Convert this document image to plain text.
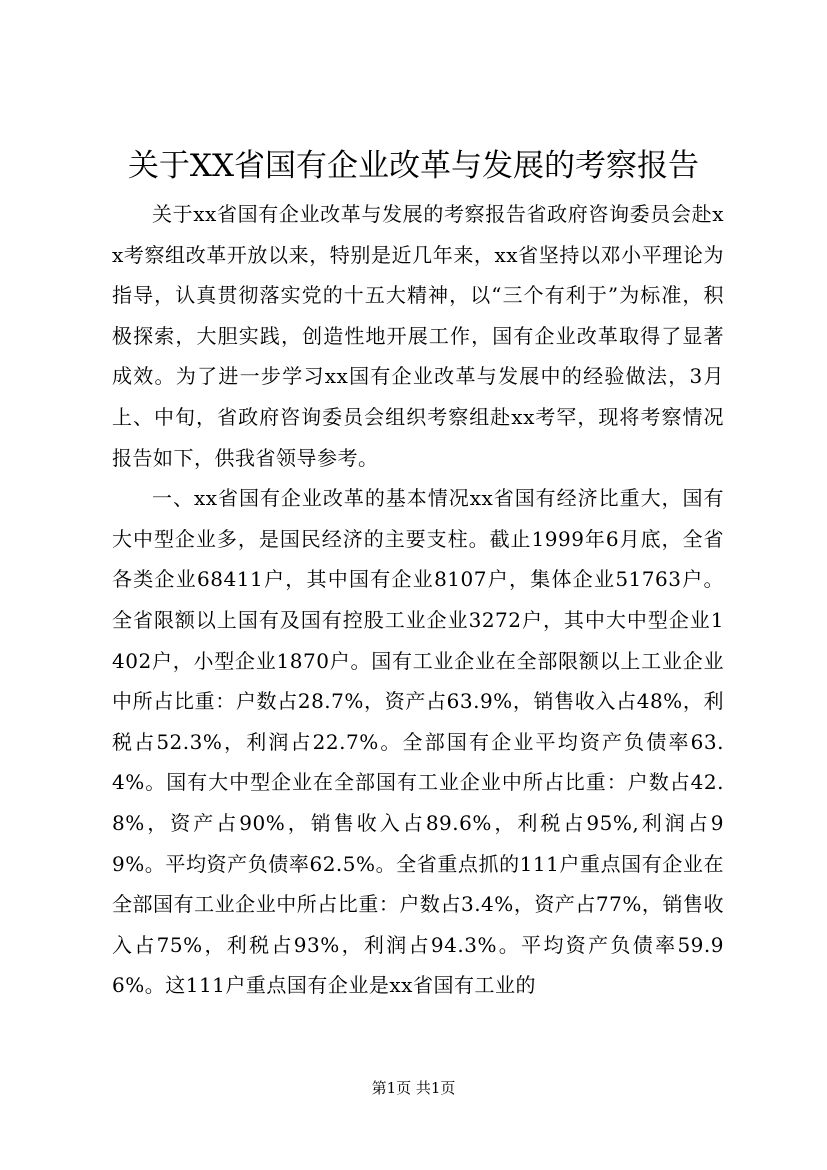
关于XX省国有企业改革与发展的考察报告

关于xx省国有企业改革与发展的考察报告省政府咨询委员会赴xx考察组改革开放以来，特别是近几年来，xx省坚持以邓小平理论为指导，认真贯彻落实党的十五大精神，以“三个有利于”为标准，积极探索，大胆实践，创造性地开展工作，国有企业改革取得了显著成效。为了进一步学习xx国有企业改革与发展中的经验做法，3月上、中旬，省政府咨询委员会组织考察组赴xx考罕，现将考察情况报告如下，供我省领导参考。

一、xx省国有企业改革的基本情况xx省国有经济比重大，国有大中型企业多，是国民经济的主要支柱。截止1999年6月底，全省各类企业68411户，其中国有企业8107户，集体企业51763户。全省限额以上国有及国有控股工业企业3272户，其中大中型企业1402户，小型企业1870户。国有工业企业在全部限额以上工业企业中所占比重：户数占28.7%，资产占63.9%，销售收入占48%，利税占52.3%，利润占22.7%。全部国有企业平均资产负债率63.4%。国有大中型企业在全部国有工业企业中所占比重：户数占42.8%，资产占90%，销售收入占89.6%，利税占95%,利润占99%。平均资产负债率62.5%。全省重点抓的111户重点国有企业在全部国有工业企业中所占比重：户数占3.4%，资产占77%，销售收入占75%，利税占93%，利润占94.3%。平均资产负债率59.96%。这111户重点国有企业是xx省国有工业的

第1页 共1页
